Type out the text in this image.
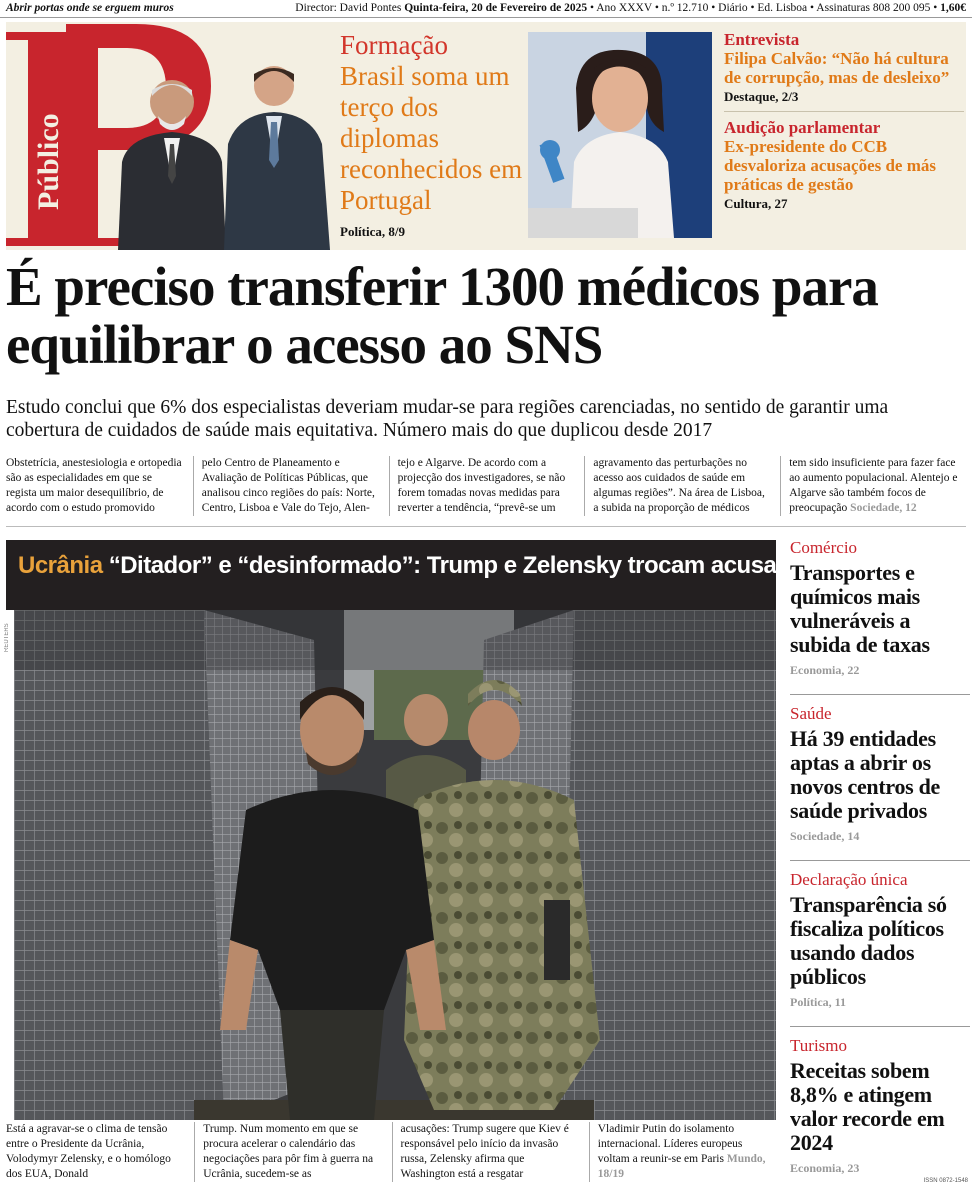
Abrir portas onde se erguem muros	Director: David Pontes Quinta-feira, 20 de Fevereiro de 2025 • Ano XXXV • n.º 12.710 • Diário • Ed. Lisboa • Assinaturas 808 200 095 • 1,60€
Público
Formação
Brasil soma um terço dos diplomas reconhecidos em Portugal
Política, 8/9
Entrevista
Filipa Calvão: “Não há cultura de corrupção, mas de desleixo”
Destaque, 2/3
Audição parlamentar
Ex-presidente do CCB desvaloriza acusações de más práticas de gestão
Cultura, 27
É preciso transferir 1300 médicos para equilibrar o acesso ao SNS

Estudo conclui que 6% dos especialistas deveriam mudar-se para regiões carenciadas, no sentido de garantir uma cobertura de cuidados de saúde mais equitativa. Número mais do que duplicou desde 2017

Obstetrícia, anestesiologia e ortopedia são as especialidades em que se regista um maior desequilíbrio, de acordo com o estudo promovido
pelo Centro de Planeamento e Avaliação de Políticas Públicas, que analisou cinco regiões do país: Norte, Centro, Lisboa e Vale do Tejo, Alen-
tejo e Algarve. De acordo com a projecção dos investigadores, se não forem tomadas novas medidas para reverter a tendência, “prevê-se um
agravamento das perturbações no acesso aos cuidados de saúde em algumas regiões”. Na área de Lisboa, a subida na proporção de médicos
tem sido insuficiente para fazer face ao aumento populacional. Alentejo e Algarve são também focos de preocupação Sociedade, 12
Ucrânia “Ditador” e “desinformado”: Trump e Zelensky trocam acusações
REUTERS
Está a agravar-se o clima de tensão entre o Presidente da Ucrânia, Volodymyr Zelensky, e o homólogo dos EUA, Donald
Trump. Num momento em que se procura acelerar o calendário das negociações para pôr fim à guerra na Ucrânia, sucedem-se as
acusações: Trump sugere que Kiev é responsável pelo início da invasão russa, Zelensky afirma que Washington está a resgatar
Vladimir Putin do isolamento internacional. Líderes europeus voltam a reunir-se em Paris Mundo, 18/19
Comércio
Transportes e químicos mais vulneráveis a subida de taxas
Economia, 22
Saúde
Há 39 entidades aptas a abrir os novos centros de saúde privados
Sociedade, 14
Declaração única
Transparência só fiscaliza políticos usando dados públicos
Política, 11
Turismo
Receitas sobem 8,8% e atingem valor recorde em 2024
Economia, 23
ISSN 0872-1548
